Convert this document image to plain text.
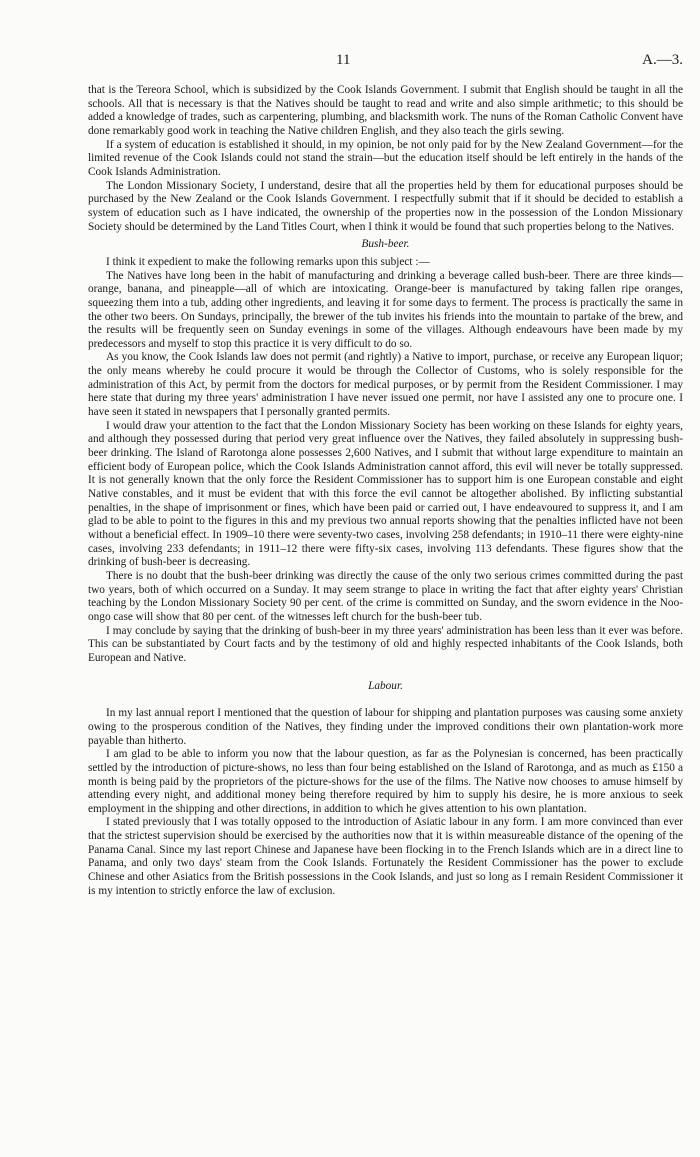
11	A.—3.

that is the Tereora School, which is subsidized by the Cook Islands Government. I submit that English should be taught in all the schools. All that is necessary is that the Natives should be taught to read and write and also simple arithmetic; to this should be added a knowledge of trades, such as carpentering, plumbing, and blacksmith work. The nuns of the Roman Catholic Convent have done remarkably good work in teaching the Native children English, and they also teach the girls sewing.

If a system of education is established it should, in my opinion, be not only paid for by the New Zealand Government—for the limited revenue of the Cook Islands could not stand the strain—but the education itself should be left entirely in the hands of the Cook Islands Administration.

The London Missionary Society, I understand, desire that all the properties held by them for educational purposes should be purchased by the New Zealand or the Cook Islands Government. I respectfully submit that if it should be decided to establish a system of education such as I have indicated, the ownership of the properties now in the possession of the London Missionary Society should be determined by the Land Titles Court, when I think it would be found that such properties belong to the Natives.

Bush-beer.

I think it expedient to make the following remarks upon this subject :—

The Natives have long been in the habit of manufacturing and drinking a beverage called bush-beer. There are three kinds—orange, banana, and pineapple—all of which are intoxicating. Orange-beer is manufactured by taking fallen ripe oranges, squeezing them into a tub, adding other ingredients, and leaving it for some days to ferment. The process is practically the same in the other two beers. On Sundays, principally, the brewer of the tub invites his friends into the mountain to partake of the brew, and the results will be frequently seen on Sunday evenings in some of the villages. Although endeavours have been made by my predecessors and myself to stop this practice it is very difficult to do so.

As you know, the Cook Islands law does not permit (and rightly) a Native to import, purchase, or receive any European liquor; the only means whereby he could procure it would be through the Collector of Customs, who is solely responsible for the administration of this Act, by permit from the doctors for medical purposes, or by permit from the Resident Commissioner. I may here state that during my three years' administration I have never issued one permit, nor have I assisted any one to procure one. I have seen it stated in newspapers that I personally granted permits.

I would draw your attention to the fact that the London Missionary Society has been working on these Islands for eighty years, and although they possessed during that period very great influence over the Natives, they failed absolutely in suppressing bush-beer drinking. The Island of Rarotonga alone possesses 2,600 Natives, and I submit that without large expenditure to maintain an efficient body of European police, which the Cook Islands Administration cannot afford, this evil will never be totally suppressed. It is not generally known that the only force the Resident Commissioner has to support him is one European constable and eight Native constables, and it must be evident that with this force the evil cannot be altogether abolished. By inflicting substantial penalties, in the shape of imprisonment or fines, which have been paid or carried out, I have endeavoured to suppress it, and I am glad to be able to point to the figures in this and my previous two annual reports showing that the penalties inflicted have not been without a beneficial effect. In 1909–10 there were seventy-two cases, involving 258 defendants; in 1910–11 there were eighty-nine cases, involving 233 defendants; in 1911–12 there were fifty-six cases, involving 113 defendants. These figures show that the drinking of bush-beer is decreasing.

There is no doubt that the bush-beer drinking was directly the cause of the only two serious crimes committed during the past two years, both of which occurred on a Sunday. It may seem strange to place in writing the fact that after eighty years' Christian teaching by the London Missionary Society 90 per cent. of the crime is committed on Sunday, and the sworn evidence in the Noo-ongo case will show that 80 per cent. of the witnesses left church for the bush-beer tub.

I may conclude by saying that the drinking of bush-beer in my three years' administration has been less than it ever was before. This can be substantiated by Court facts and by the testimony of old and highly respected inhabitants of the Cook Islands, both European and Native.

Labour.

In my last annual report I mentioned that the question of labour for shipping and plantation purposes was causing some anxiety owing to the prosperous condition of the Natives, they finding under the improved conditions their own plantation-work more payable than hitherto.

I am glad to be able to inform you now that the labour question, as far as the Polynesian is concerned, has been practically settled by the introduction of picture-shows, no less than four being established on the Island of Rarotonga, and as much as £150 a month is being paid by the proprietors of the picture-shows for the use of the films. The Native now chooses to amuse himself by attending every night, and additional money being therefore required by him to supply his desire, he is more anxious to seek employment in the shipping and other directions, in addition to which he gives attention to his own plantation.

I stated previously that I was totally opposed to the introduction of Asiatic labour in any form. I am more convinced than ever that the strictest supervision should be exercised by the authorities now that it is within measureable distance of the opening of the Panama Canal. Since my last report Chinese and Japanese have been flocking in to the French Islands which are in a direct line to Panama, and only two days' steam from the Cook Islands. Fortunately the Resident Commissioner has the power to exclude Chinese and other Asiatics from the British possessions in the Cook Islands, and just so long as I remain Resident Commissioner it is my intention to strictly enforce the law of exclusion.
